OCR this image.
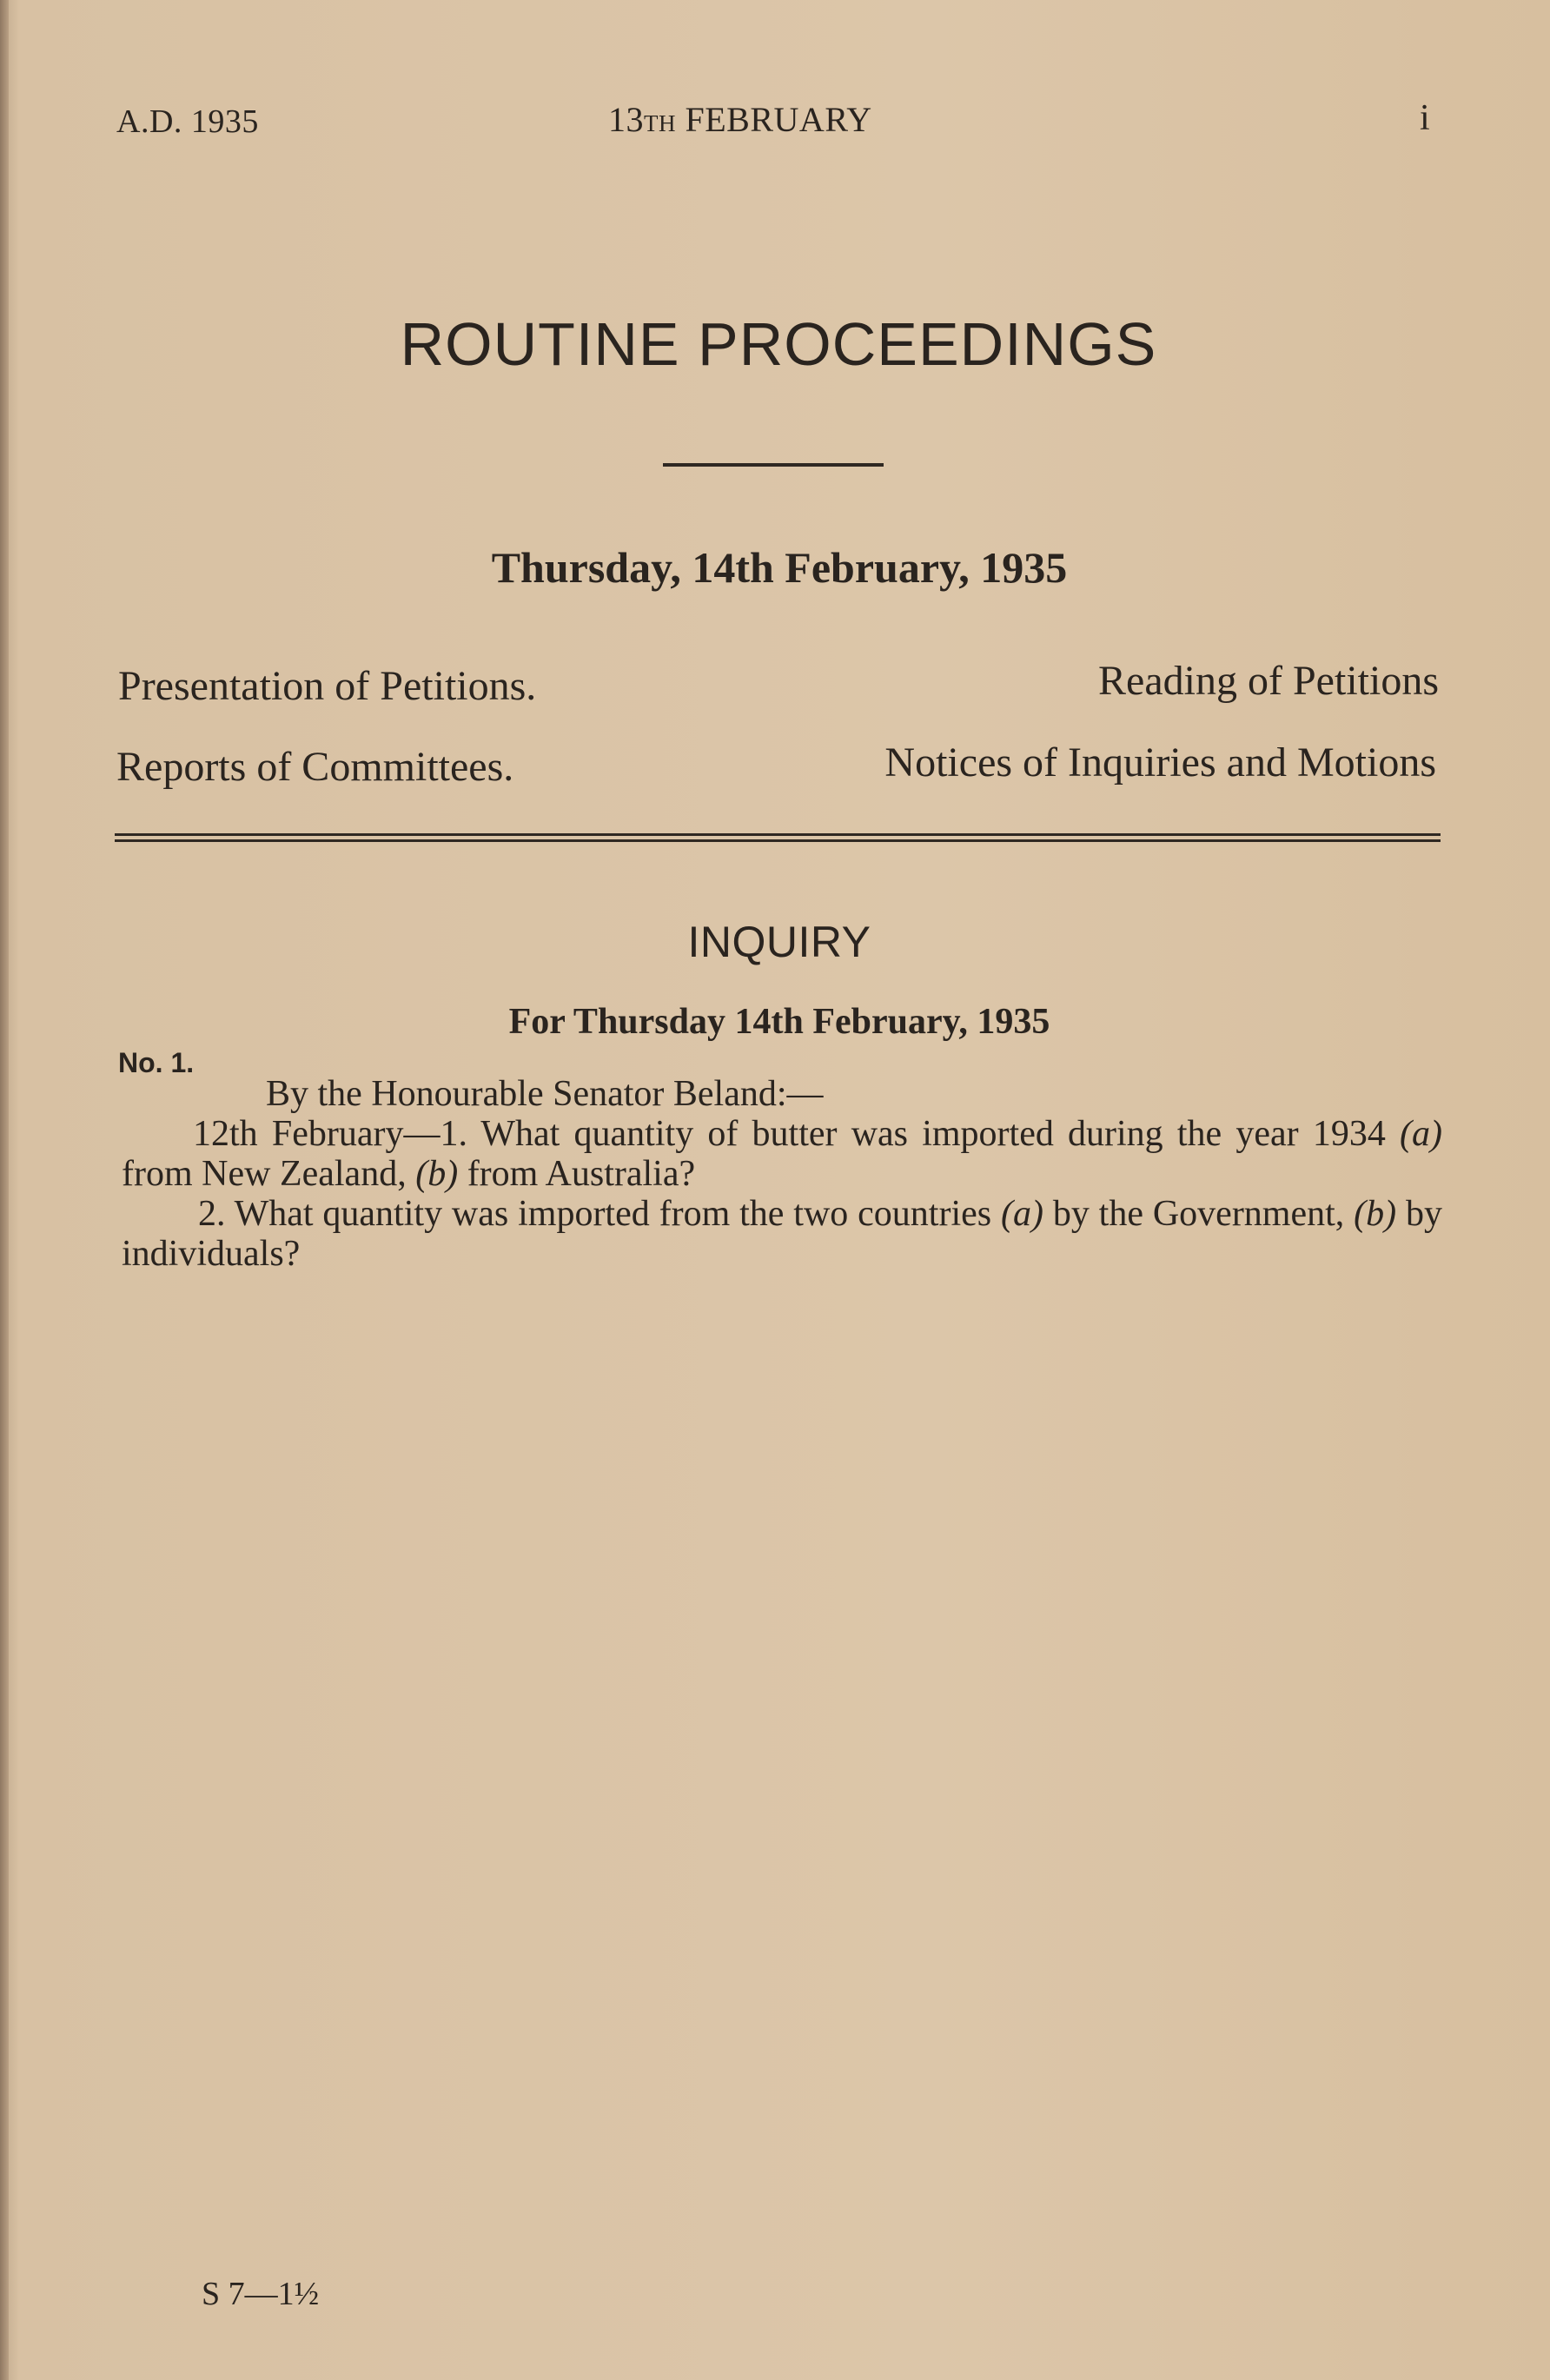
A.D. 1935	13TH FEBRUARY	i
ROUTINE PROCEEDINGS
Thursday, 14th February, 1935
Presentation of Petitions.	Reading of Petitions
Reports of Committees.	Notices of Inquiries and Motions
INQUIRY
For Thursday 14th February, 1935
No. 1.

By the Honourable Senator Beland:—

12th February—1. What quantity of butter was imported during the year 1934 (a) from New Zealand, (b) from Australia?

2. What quantity was imported from the two countries (a) by the Government, (b) by individuals?

S 7—1½
